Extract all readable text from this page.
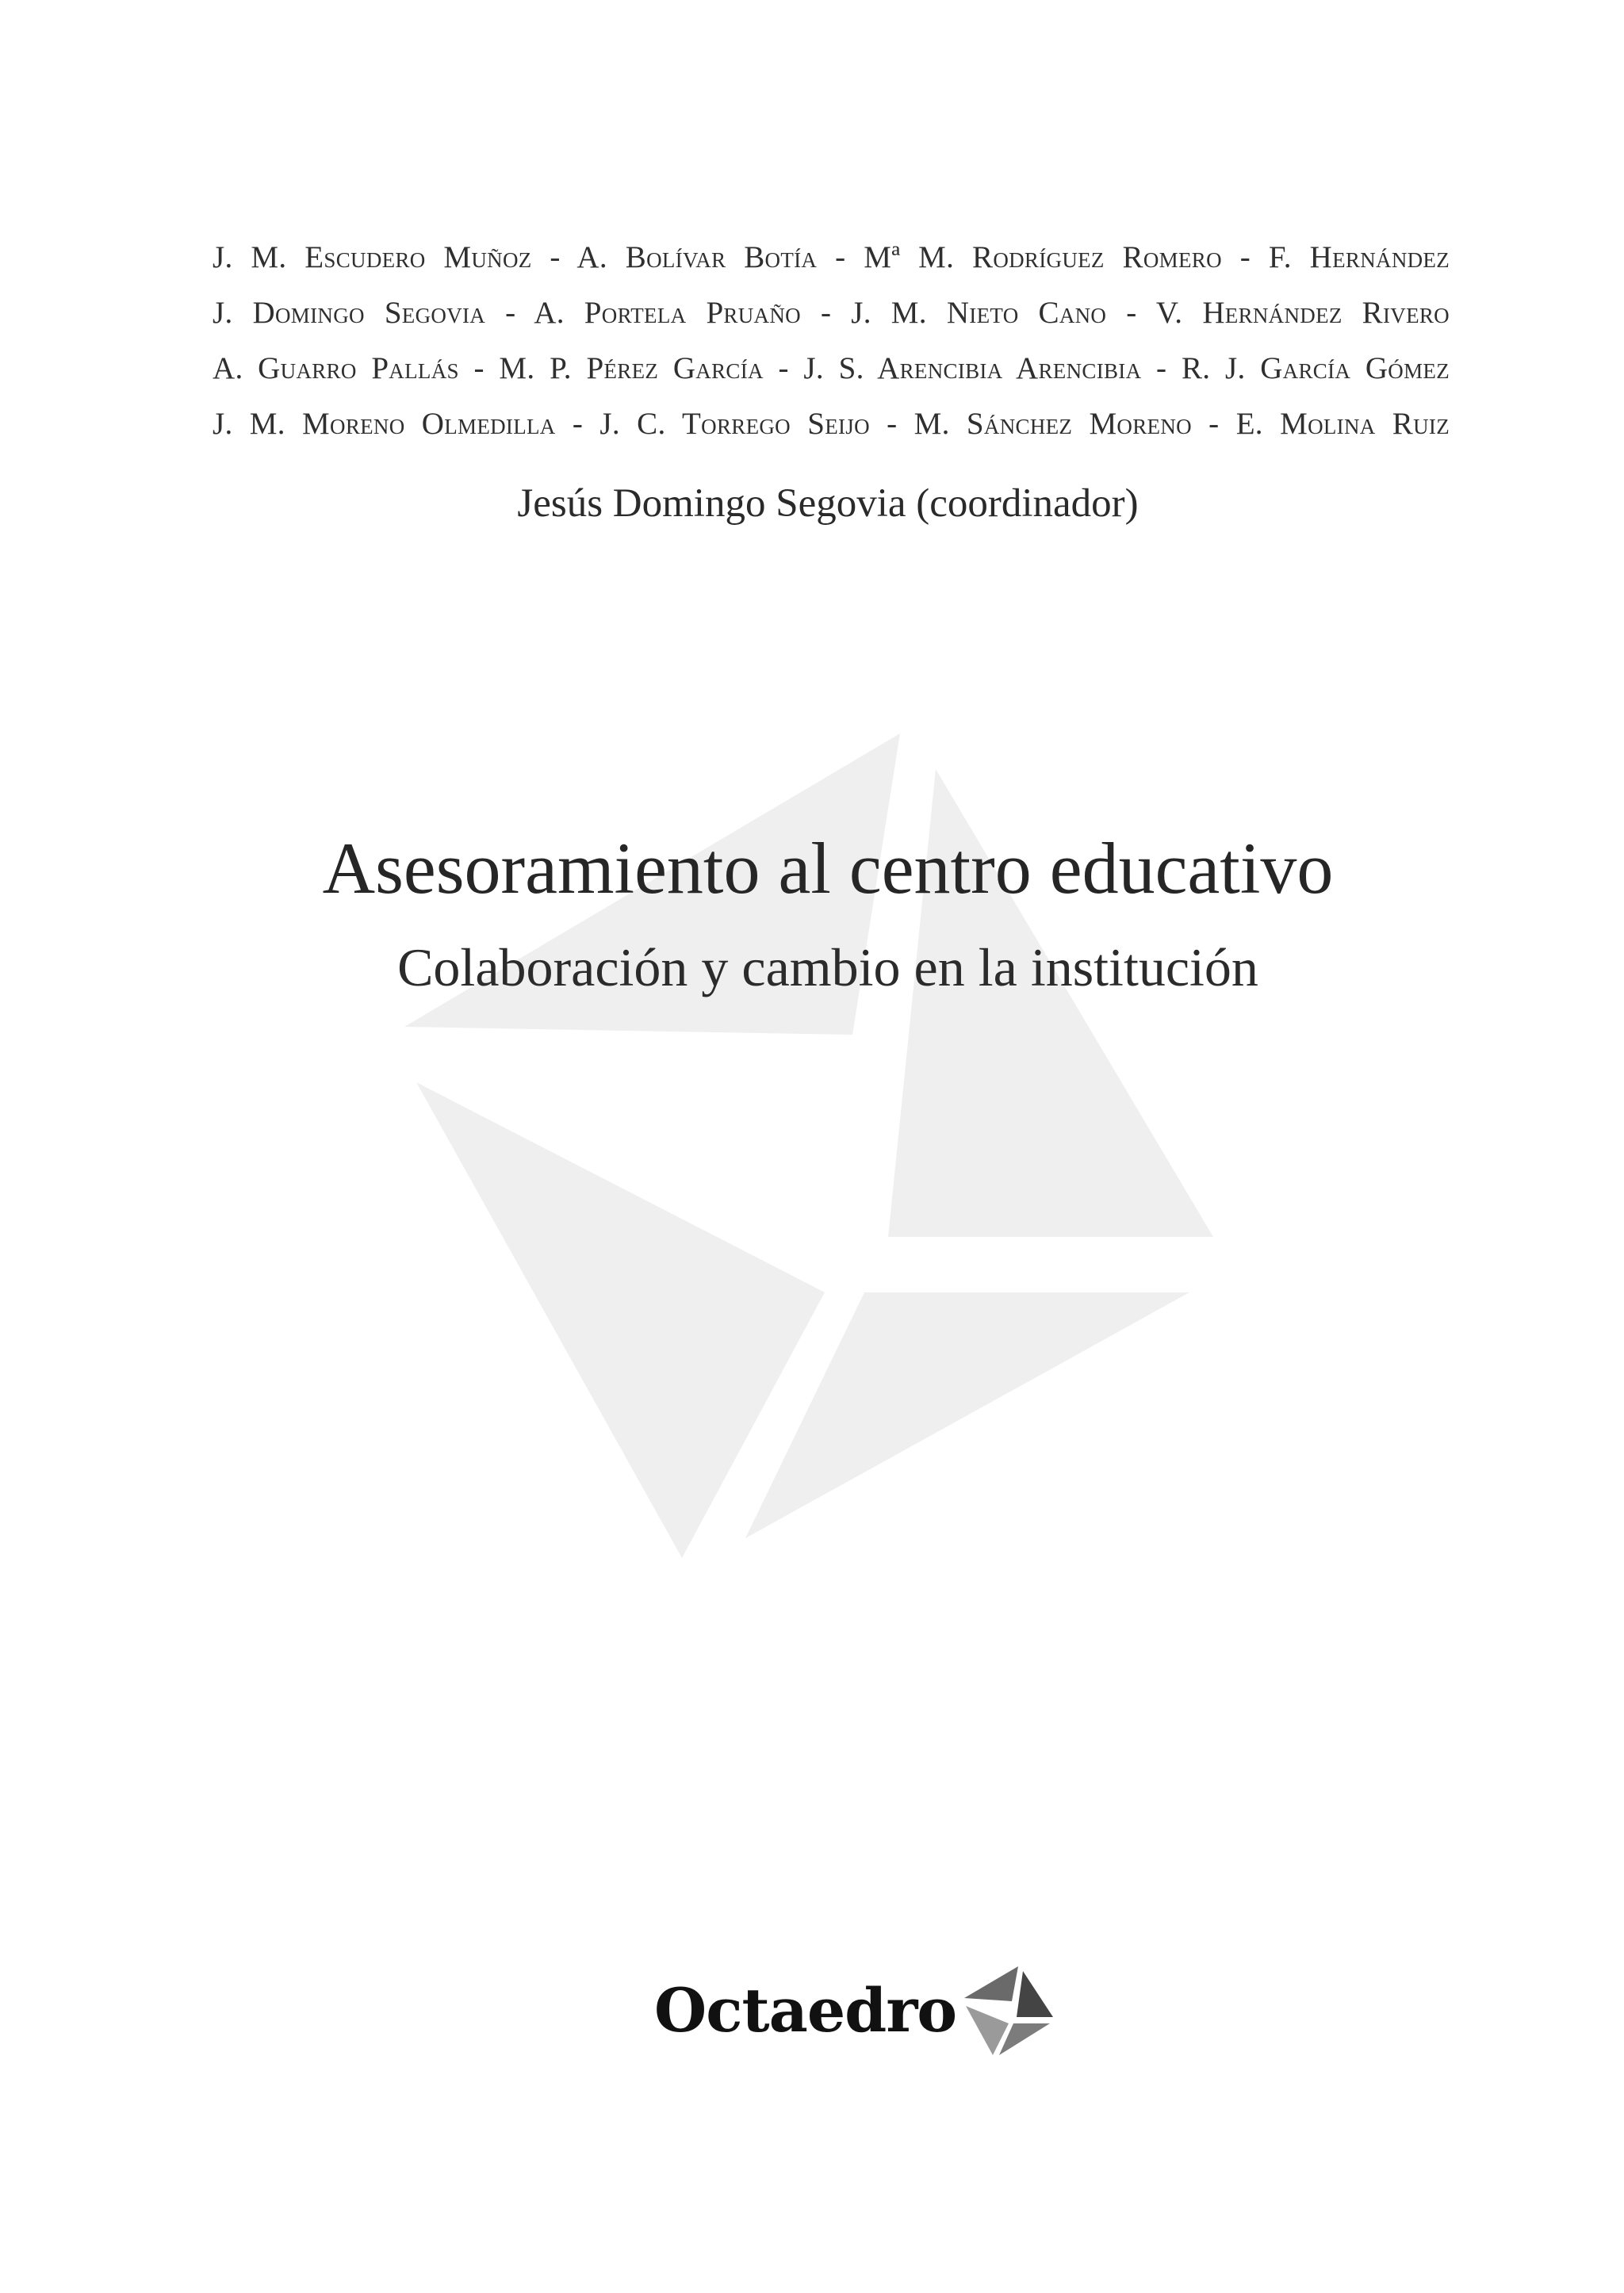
J. M. Escudero Muñoz - A. Bolívar Botía - Mª M. Rodríguez Romero - F. Hernández
J. Domingo Segovia - A. Portela Pruaño - J. M. Nieto Cano - V. Hernández Rivero
A. Guarro Pallás - M. P. Pérez García - J. S. Arencibia Arencibia - R. J. García Gómez
J. M. Moreno Olmedilla - J. C. Torrego Seijo - M. Sánchez Moreno - E. Molina Ruiz
Jesús Domingo Segovia (coordinador)
Asesoramiento al centro educativo
Colaboración y cambio en la institución
Octaedro
